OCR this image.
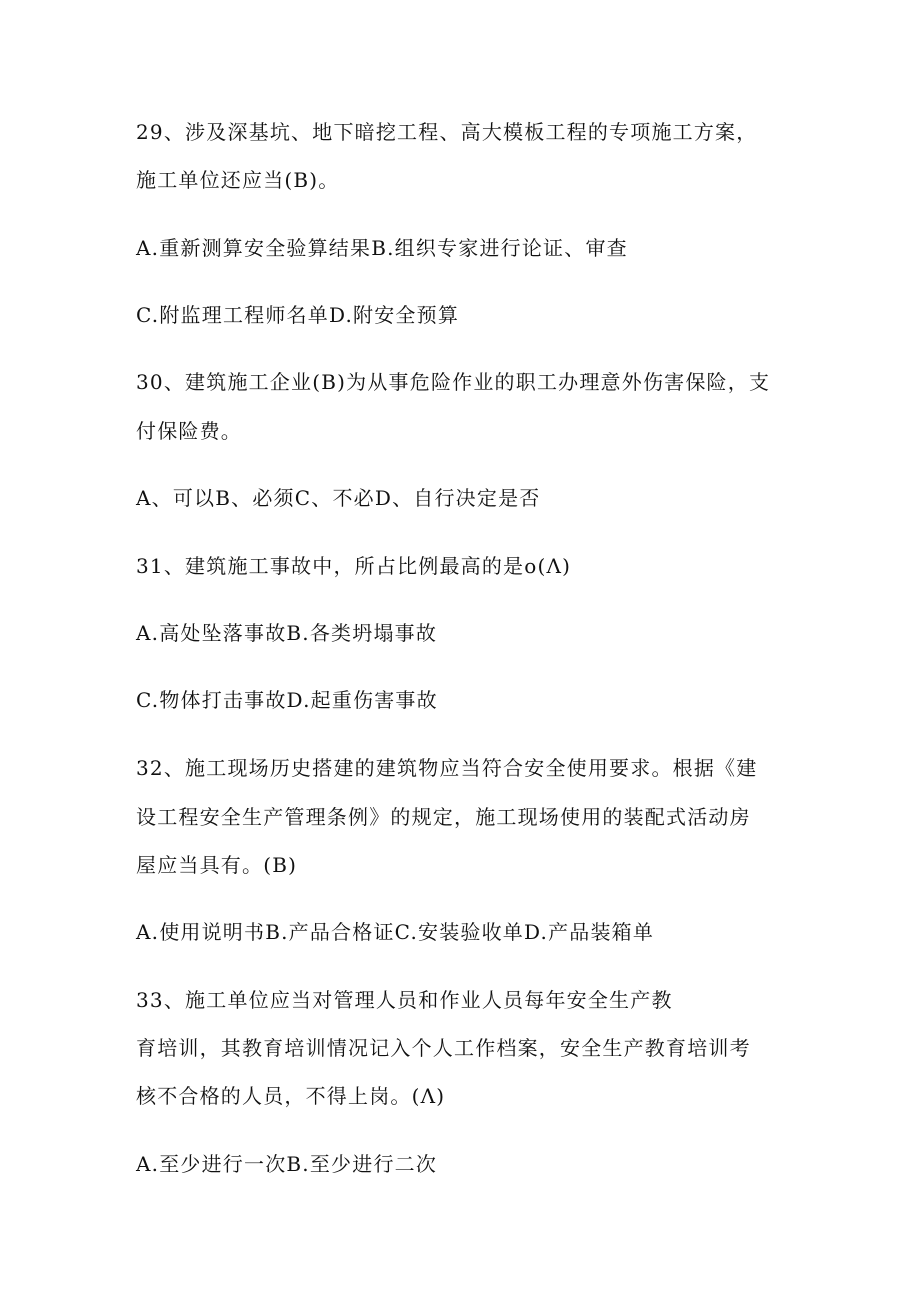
29、涉及深基坑、地下暗挖工程、高大模板工程的专项施工方案，
施工单位还应当(B)。
A.重新测算安全验算结果B.组织专家进行论证、审查
C.附监理工程师名单D.附安全预算
30、建筑施工企业(B)为从事危险作业的职工办理意外伤害保险，支
付保险费。
A、可以B、必须C、不必D、自行决定是否
31、建筑施工事故中，所占比例最高的是o(Λ)
A.高处坠落事故B.各类坍塌事故
C.物体打击事故D.起重伤害事故
32、施工现场历史搭建的建筑物应当符合安全使用要求。根据《建
设工程安全生产管理条例》的规定，施工现场使用的装配式活动房
屋应当具有。(B)
A.使用说明书B.产品合格证C.安装验收单D.产品装箱单
33、施工单位应当对管理人员和作业人员每年安全生产教
育培训，其教育培训情况记入个人工作档案，安全生产教育培训考
核不合格的人员，不得上岗。(Λ)
A.至少进行一次B.至少进行二次
